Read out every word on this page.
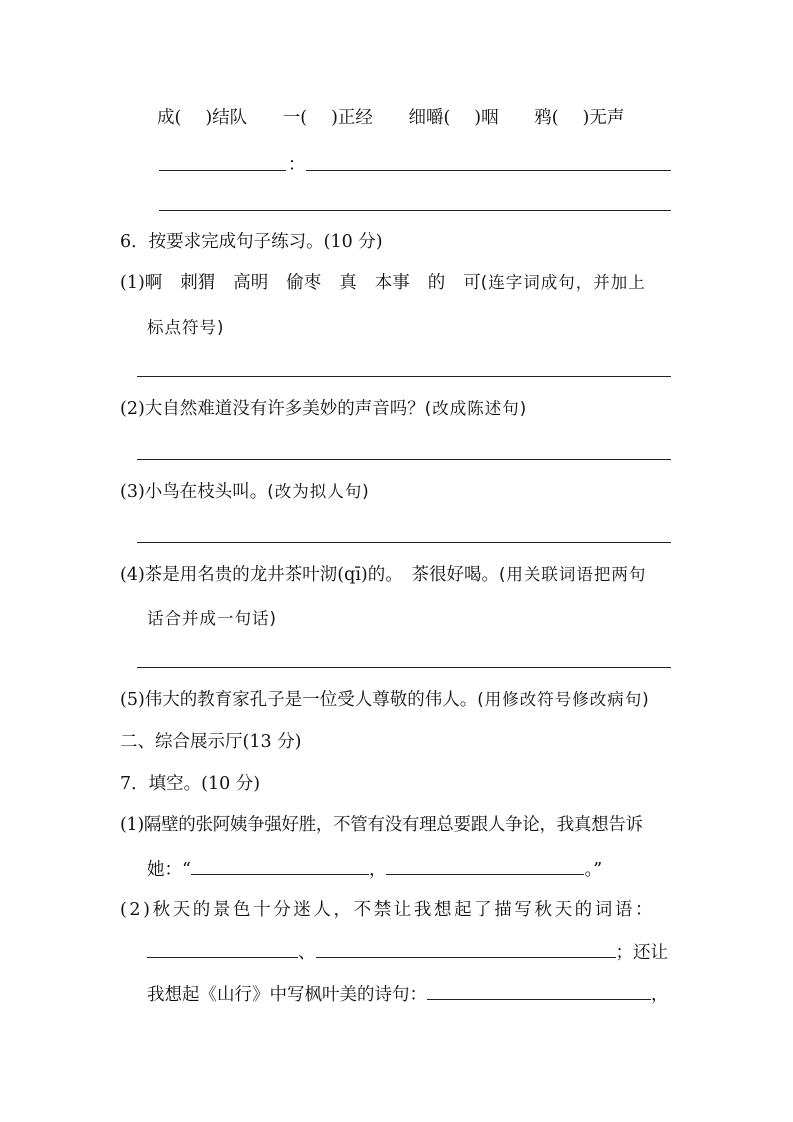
成( )结队 一( )正经 细嚼( )咽 鸦( )无声
：
6．按要求完成句子练习。(10 分)
(1)啊 刺猬 高明 偷枣 真 本事 的 可(连字词成句，并加上
标点符号)
(2)大自然难道没有许多美妙的声音吗？(改成陈述句)
(3)小鸟在枝头叫。(改为拟人句)
(4)茶是用名贵的龙井茶叶沏(qī)的。　茶很好喝。(用关联词语把两句
话合并成一句话)
(5)伟大的教育家孔子是一位受人尊敬的伟人。(用修改符号修改病句)
二、综合展示厅(13 分)
7．填空。(10 分)
(1)隔壁的张阿姨争强好胜，不管有没有理总要跟人争论，我真想告诉
她：“	，	。”
(2)秋天的景色十分迷人，不禁让我想起了描写秋天的词语：
、	；还让
我想起《山行》中写枫叶美的诗句：	，
